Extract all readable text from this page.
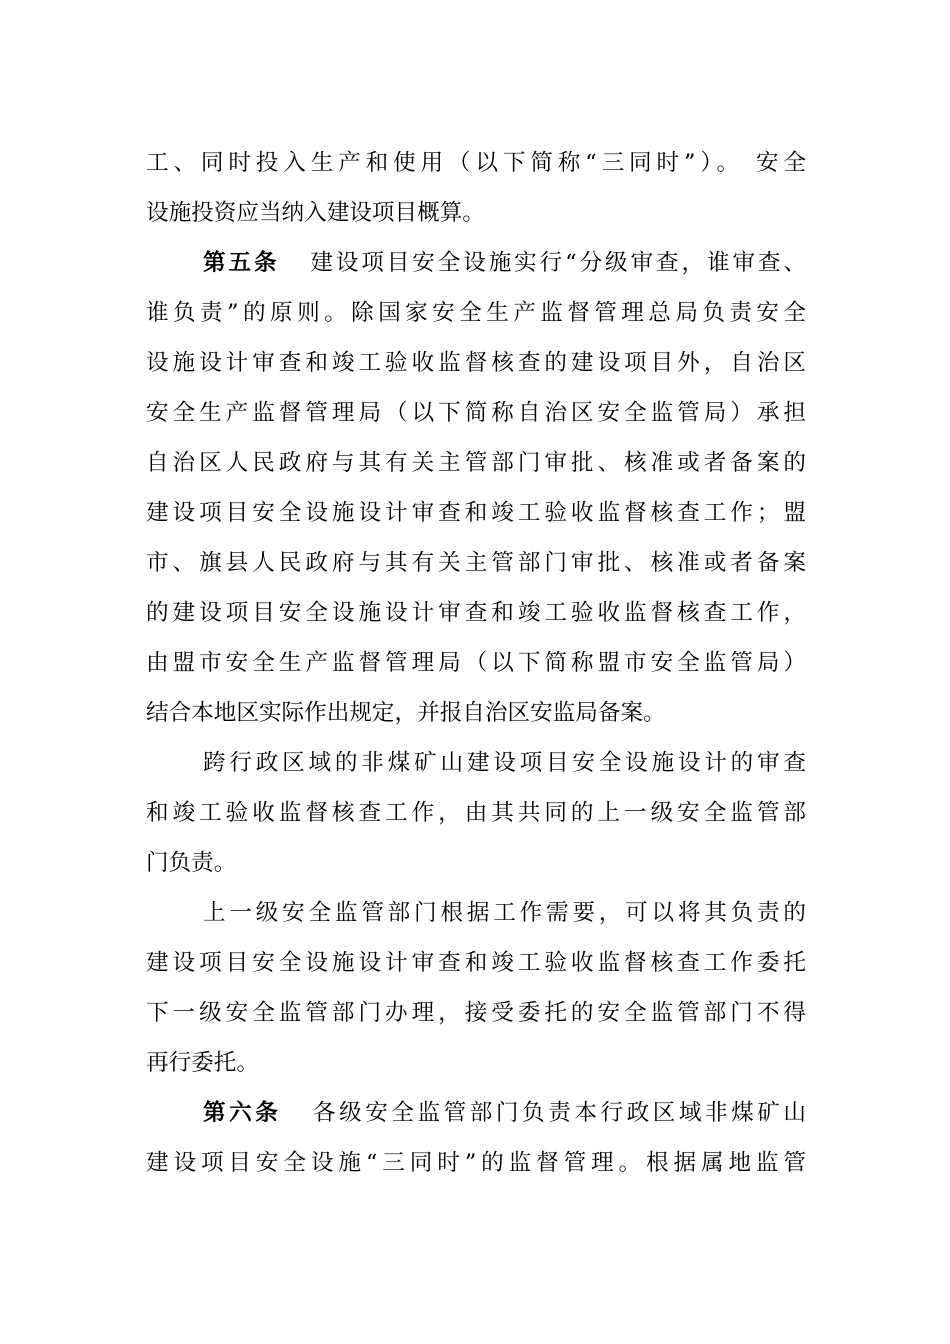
工、同时投入生产和使用（以下简称“三同时”）。 安全
设施投资应当纳入建设项目概算。
第五条 建设项目安全设施实行“分级审查，谁审查、
谁负责”的原则。除国家安全生产监督管理总局负责安全
设施设计审查和竣工验收监督核查的建设项目外，自治区
安全生产监督管理局（以下简称自治区安全监管局）承担
自治区人民政府与其有关主管部门审批、核准或者备案的
建设项目安全设施设计审查和竣工验收监督核查工作；盟
市、旗县人民政府与其有关主管部门审批、核准或者备案
的建设项目安全设施设计审查和竣工验收监督核查工作，
由盟市安全生产监督管理局（以下简称盟市安全监管局）
结合本地区实际作出规定，并报自治区安监局备案。
跨行政区域的非煤矿山建设项目安全设施设计的审查
和竣工验收监督核查工作，由其共同的上一级安全监管部
门负责。
上一级安全监管部门根据工作需要，可以将其负责的
建设项目安全设施设计审查和竣工验收监督核查工作委托
下一级安全监管部门办理，接受委托的安全监管部门不得
再行委托。
第六条 各级安全监管部门负责本行政区域非煤矿山
建设项目安全设施“三同时”的监督管理。根据属地监管
